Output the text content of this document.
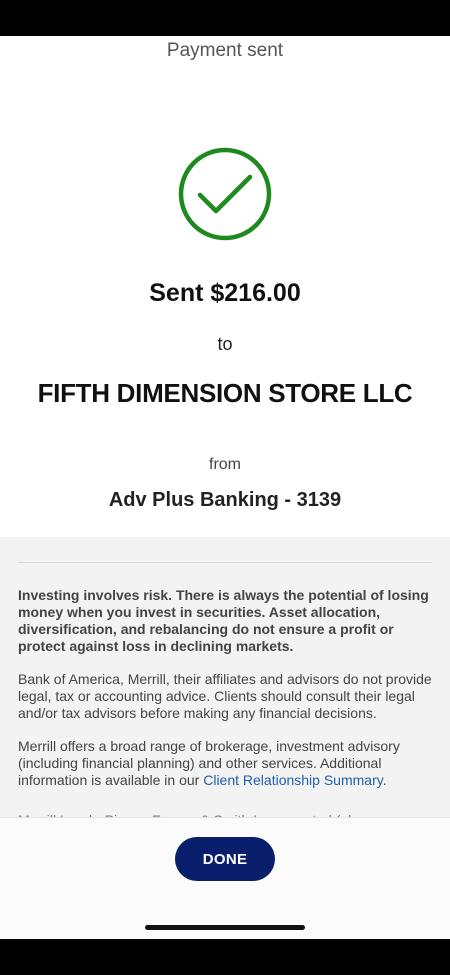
Payment sent
Sent $216.00
to
FIFTH DIMENSION STORE LLC
from
Adv Plus Banking - 3139

Investing involves risk. There is always the potential of losing money when you invest in securities. Asset allocation, diversification, and rebalancing do not ensure a profit or protect against loss in declining markets.

Bank of America, Merrill, their affiliates and advisors do not provide legal, tax or accounting advice. Clients should consult their legal and/or tax advisors before making any financial decisions.

Merrill offers a broad range of brokerage, investment advisory (including financial planning) and other services. Additional information is available in our Client Relationship Summary.

DONE
